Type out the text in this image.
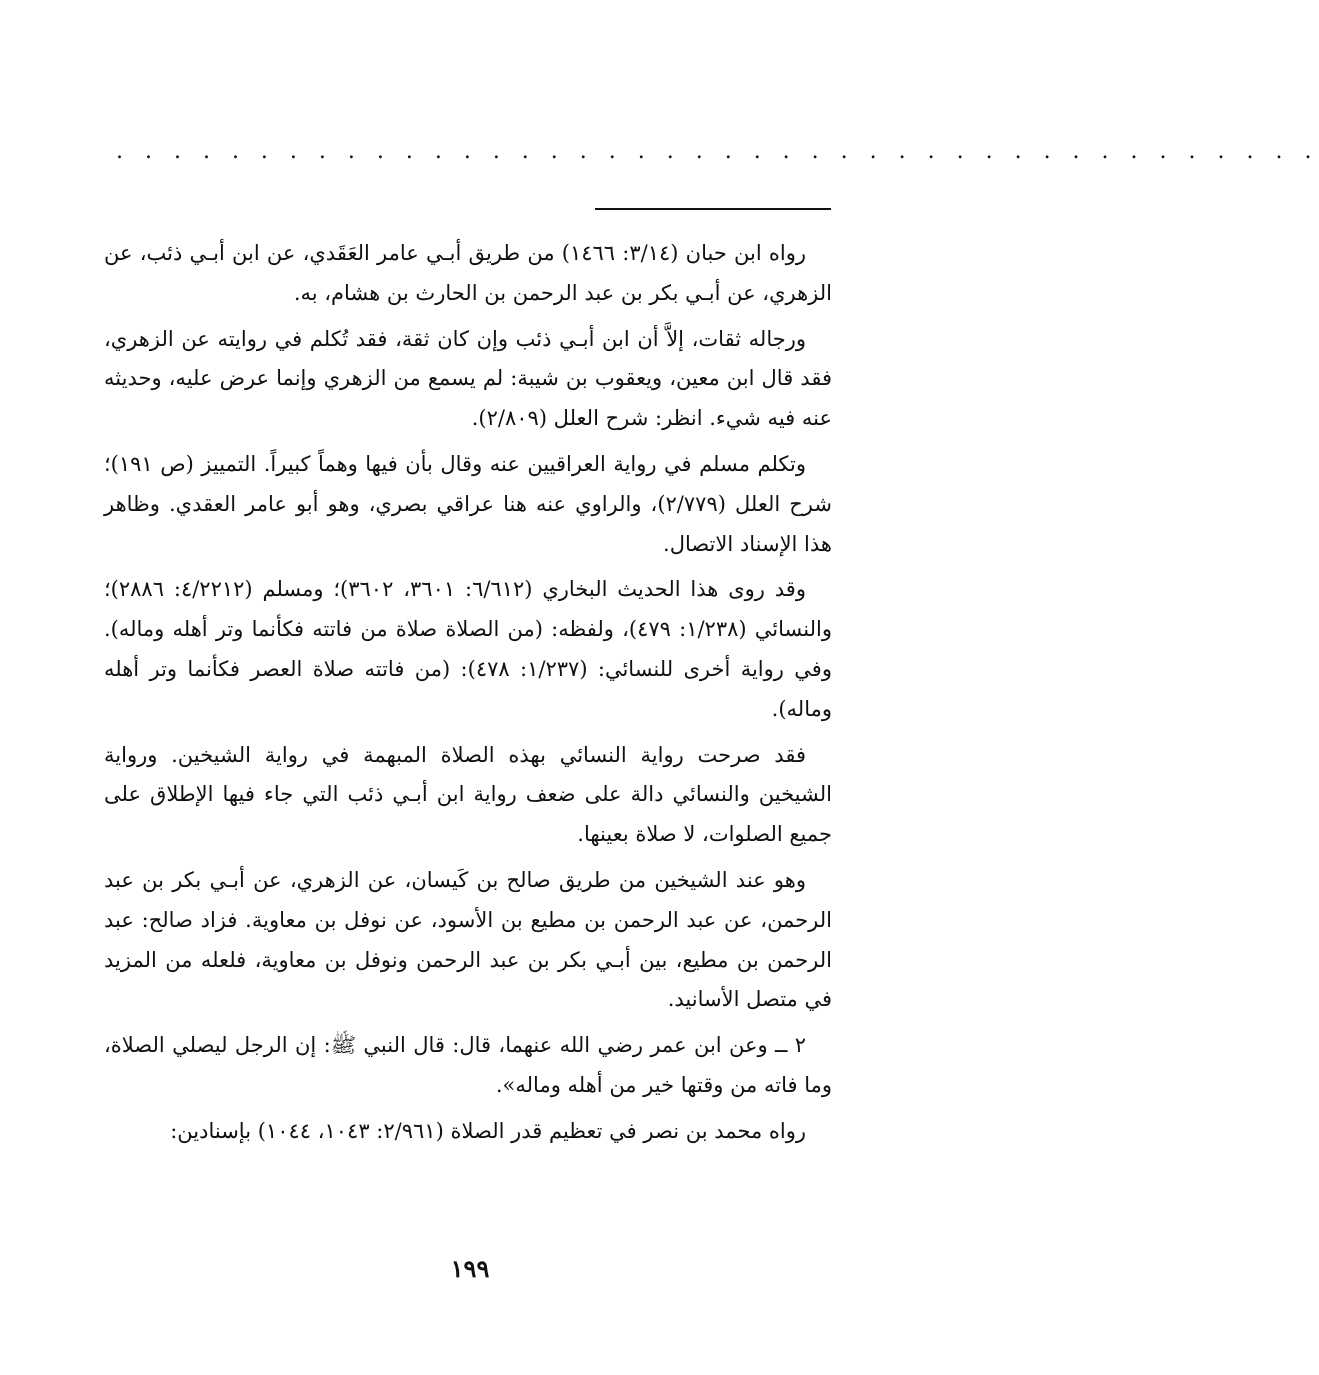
. . . . . . . . . . . . . . . . . . . . . . . . . . . . . . . . . . . . . . . . . .

رواه ابن حبان (٣/١٤: ١٤٦٦) من طريق أبـي عامر العَقَدي، عن ابن أبـي ذئب، عن الزهري، عن أبـي بكر بن عبد الرحمن بن الحارث بن هشام، به.

ورجاله ثقات، إلاَّ أن ابن أبـي ذئب وإن كان ثقة، فقد تُكلم في روايته عن الزهري، فقد قال ابن معين، ويعقوب بن شيبة: لم يسمع من الزهري وإنما عرض عليه، وحديثه عنه فيه شيء. انظر: شرح العلل (٢/٨٠٩).

وتكلم مسلم في رواية العراقيين عنه وقال بأن فيها وهماً كبيراً. التمييز (ص ١٩١)؛ شرح العلل (٢/٧٧٩)، والراوي عنه هنا عراقي بصري، وهو أبو عامر العقدي. وظاهر هذا الإسناد الاتصال.

وقد روى هذا الحديث البخاري (٦/٦١٢: ٣٦٠١، ٣٦٠٢)؛ ومسلم (٤/٢٢١٢: ٢٨٨٦)؛ والنسائي (١/٢٣٨: ٤٧٩)، ولفظه: (من الصلاة صلاة من فاتته فكأنما وتر أهله وماله). وفي رواية أخرى للنسائي: (١/٢٣٧: ٤٧٨): (من فاتته صلاة العصر فكأنما وتر أهله وماله).

فقد صرحت رواية النسائي بهذه الصلاة المبهمة في رواية الشيخين. ورواية الشيخين والنسائي دالة على ضعف رواية ابن أبـي ذئب التي جاء فيها الإطلاق على جميع الصلوات، لا صلاة بعينها.

وهو عند الشيخين من طريق صالح بن كَيسان، عن الزهري، عن أبـي بكر بن عبد الرحمن، عن عبد الرحمن بن مطيع بن الأسود، عن نوفل بن معاوية. فزاد صالح: عبد الرحمن بن مطيع، بين أبـي بكر بن عبد الرحمن ونوفل بن معاوية، فلعله من المزيد في متصل الأسانيد.

٢ ــ وعن ابن عمر رضي الله عنهما، قال: قال النبي ﷺ: إن الرجل ليصلي الصلاة، وما فاته من وقتها خير من أهله وماله».

رواه محمد بن نصر في تعظيم قدر الصلاة (٢/٩٦١: ١٠٤٣، ١٠٤٤) بإسنادين:

١٩٩
